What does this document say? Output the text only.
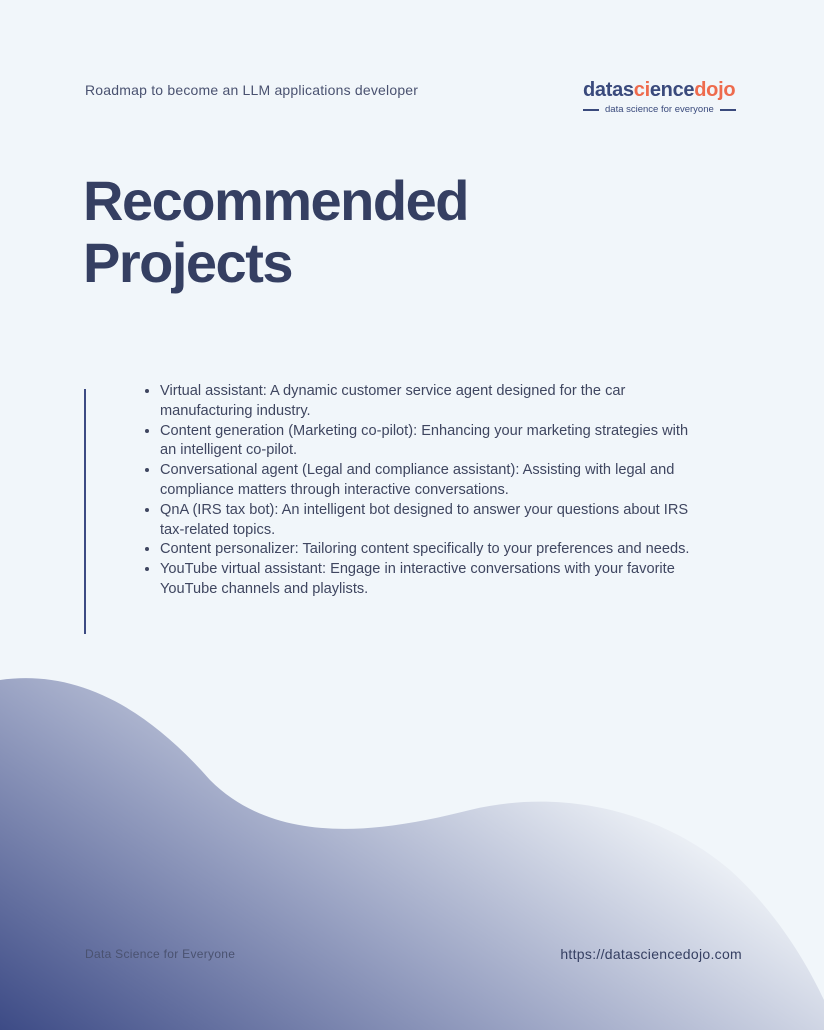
Roadmap to become an LLM applications developer	datasciencedojo
data science for everyone
Recommended
Projects
• Virtual assistant: A dynamic customer service agent designed for the car manufacturing industry.
• Content generation (Marketing co-pilot): Enhancing your marketing strategies with an intelligent co-pilot.
• Conversational agent (Legal and compliance assistant): Assisting with legal and compliance matters through interactive conversations.
• QnA (IRS tax bot): An intelligent bot designed to answer your questions about IRS tax-related topics.
• Content personalizer: Tailoring content specifically to your preferences and needs.
• YouTube virtual assistant: Engage in interactive conversations with your favorite YouTube channels and playlists.
Data Science for Everyone	https://datasciencedojo.com
